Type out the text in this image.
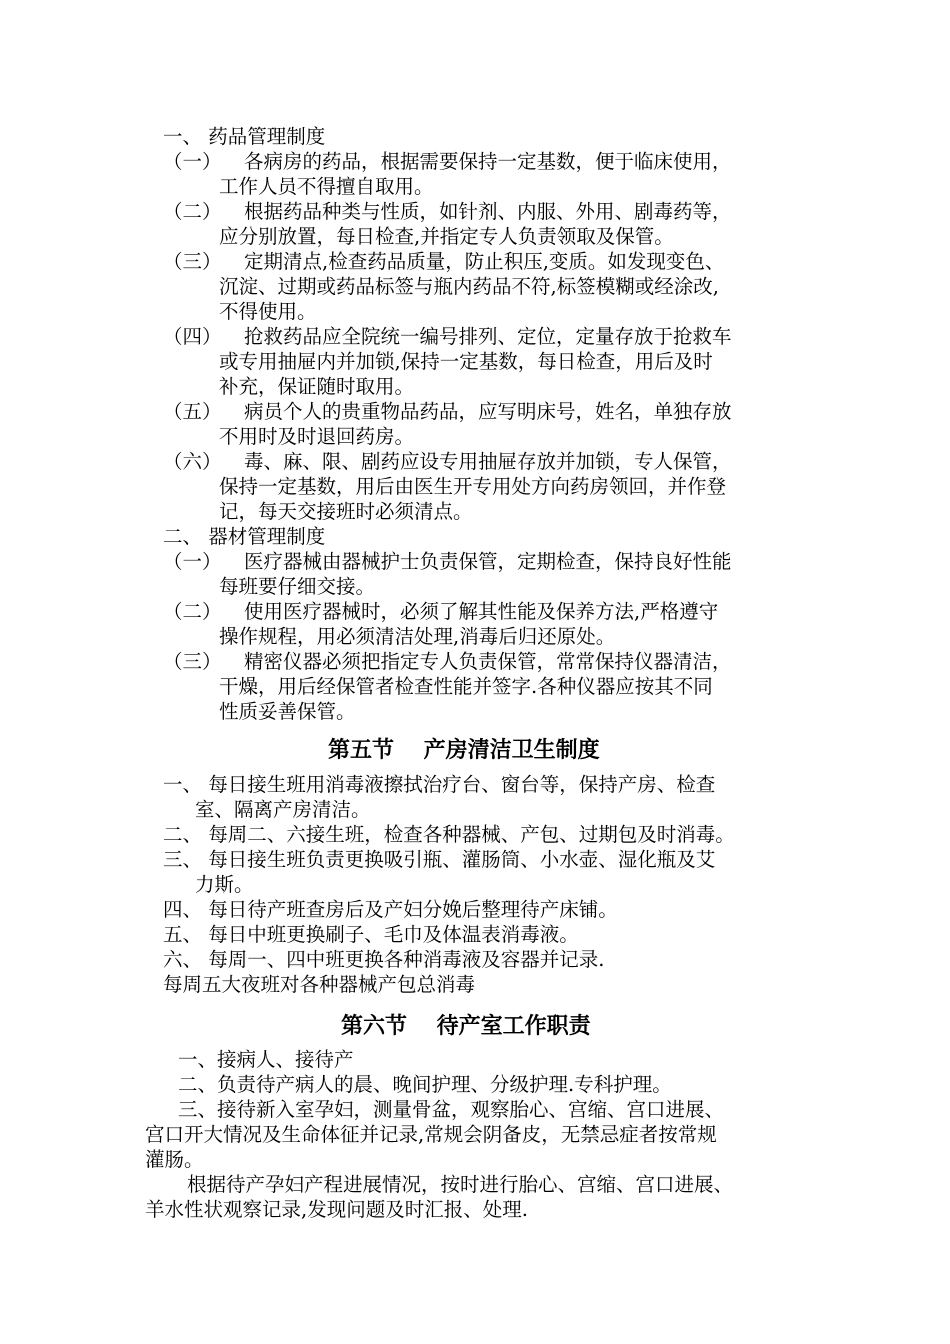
一、 药品管理制度
（一） 各病房的药品，根据需要保持一定基数，便于临床使用，
工作人员不得擅自取用。
（二） 根据药品种类与性质，如针剂、内服、外用、剧毒药等，
应分别放置，每日检查,并指定专人负责领取及保管。
（三） 定期清点,检查药品质量，防止积压,变质。如发现变色、
沉淀、过期或药品标签与瓶内药品不符,标签模糊或经涂改,
不得使用。
（四） 抢救药品应全院统一编号排列、定位，定量存放于抢救车
或专用抽屉内并加锁,保持一定基数，每日检查，用后及时
补充，保证随时取用。
（五） 病员个人的贵重物品药品，应写明床号，姓名，单独存放
不用时及时退回药房。
（六） 毒、麻、限、剧药应设专用抽屉存放并加锁，专人保管，
保持一定基数，用后由医生开专用处方向药房领回，并作登
记，每天交接班时必须清点。
二、 器材管理制度
（一） 医疗器械由器械护士负责保管，定期检查，保持良好性能
每班要仔细交接。
（二） 使用医疗器械时，必须了解其性能及保养方法,严格遵守
操作规程，用必须清洁处理,消毒后归还原处。
（三） 精密仪器必须把指定专人负责保管，常常保持仪器清洁，
干燥，用后经保管者检查性能并签字.各种仪器应按其不同
性质妥善保管。
第五节　 产房清洁卫生制度
一、 每日接生班用消毒液擦拭治疗台、窗台等，保持产房、检查
室、隔离产房清洁。
二、 每周二、六接生班，检查各种器械、产包、过期包及时消毒。
三、 每日接生班负责更换吸引瓶、灌肠筒、小水壶、湿化瓶及艾
力斯。
四、 每日待产班查房后及产妇分娩后整理待产床铺。
五、 每日中班更换刷子、毛巾及体温表消毒液。
六、 每周一、四中班更换各种消毒液及容器并记录.
每周五大夜班对各种器械产包总消毒
第六节　 待产室工作职责
一、接病人、接待产
二、负责待产病人的晨、晚间护理、分级护理.专科护理。
三、接待新入室孕妇，测量骨盆，观察胎心、宫缩、宫口进展、
宫口开大情况及生命体征并记录,常规会阴备皮，无禁忌症者按常规
灌肠。
根据待产孕妇产程进展情况，按时进行胎心、宫缩、宫口进展、
羊水性状观察记录,发现问题及时汇报、处理.
